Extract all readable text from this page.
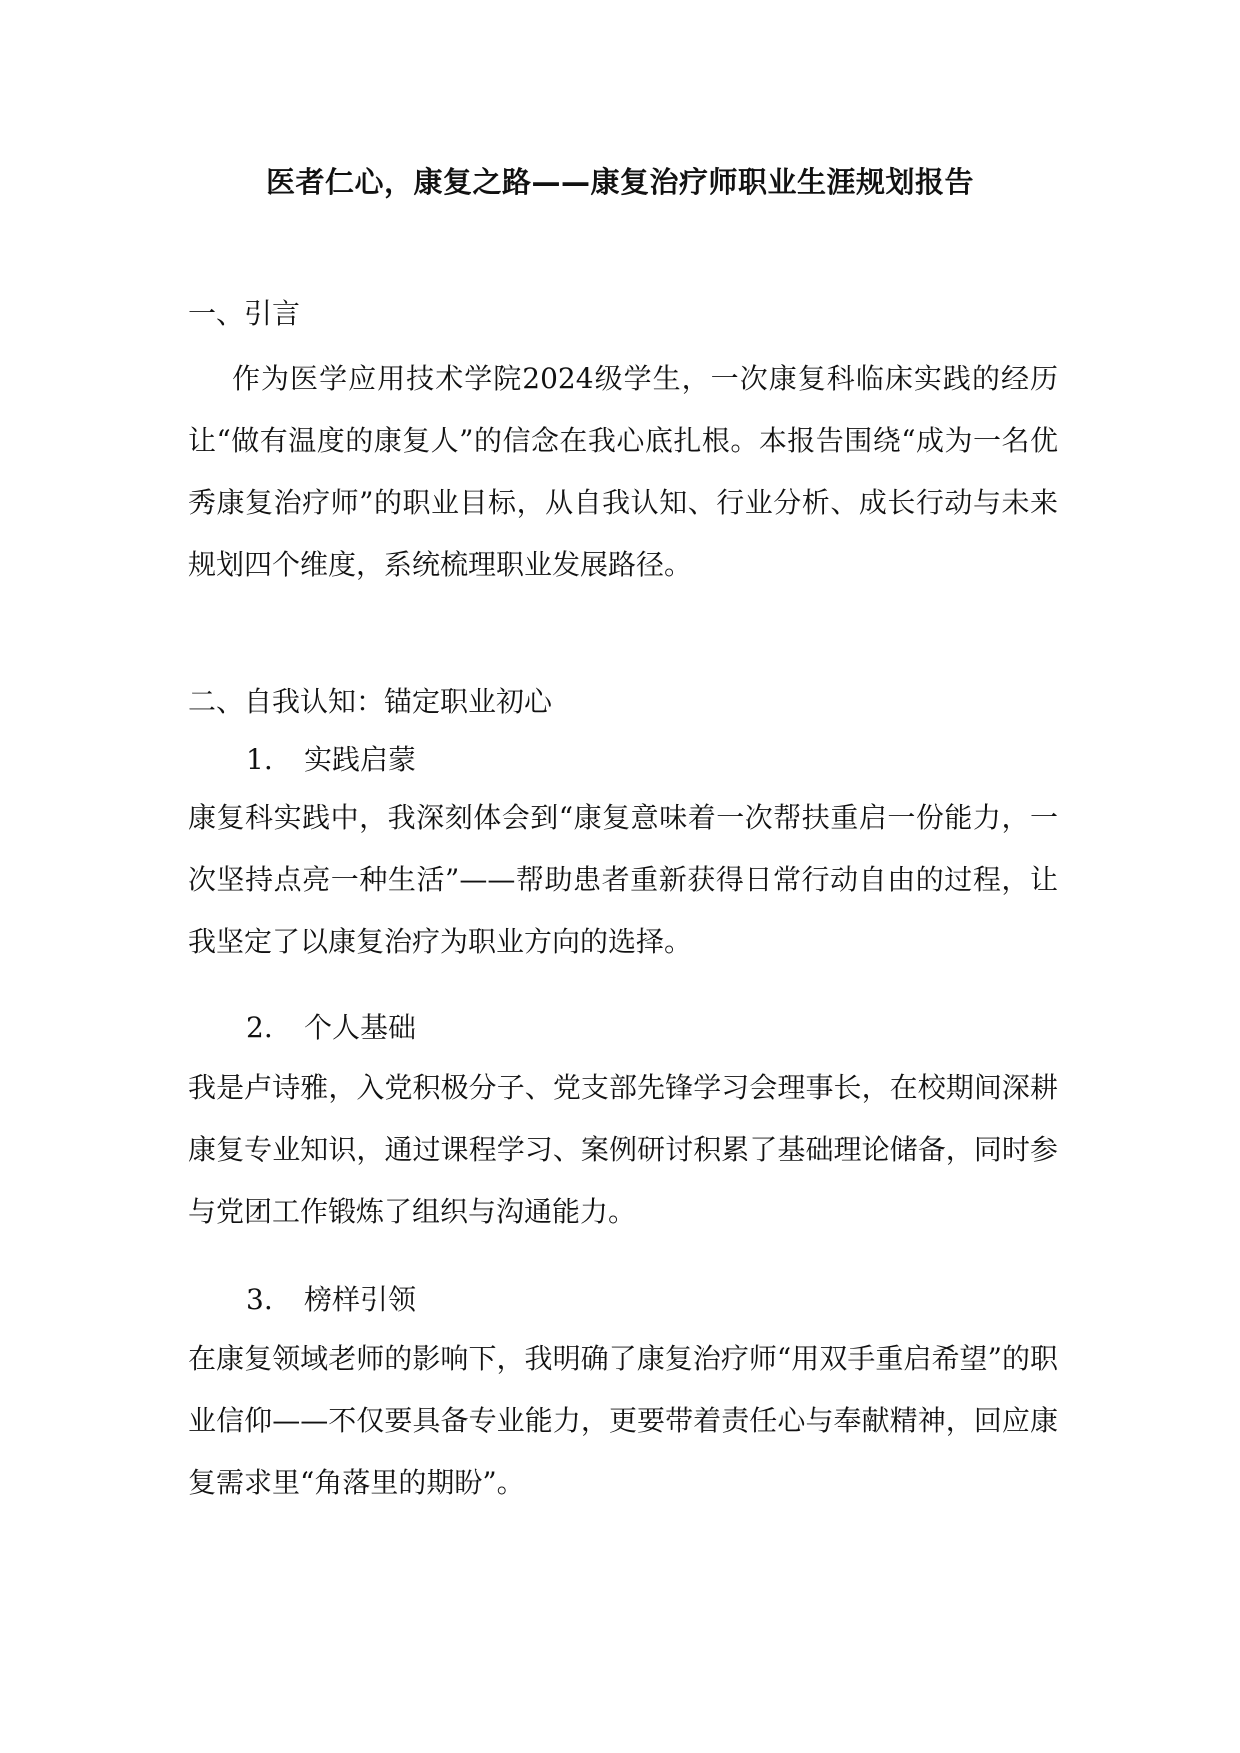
医者仁心，康复之路——康复治疗师职业生涯规划报告
一、引言
作为医学应用技术学院2024级学生，一次康复科临床实践的经历让“做有温度的康复人”的信念在我心底扎根。本报告围绕“成为一名优秀康复治疗师”的职业目标，从自我认知、行业分析、成长行动与未来规划四个维度，系统梳理职业发展路径。
二、自我认知：锚定职业初心
1. 实践启蒙
康复科实践中，我深刻体会到“康复意味着一次帮扶重启一份能力，一次坚持点亮一种生活”——帮助患者重新获得日常行动自由的过程，让我坚定了以康复治疗为职业方向的选择。
2. 个人基础
我是卢诗雅，入党积极分子、党支部先锋学习会理事长，在校期间深耕康复专业知识，通过课程学习、案例研讨积累了基础理论储备，同时参与党团工作锻炼了组织与沟通能力。
3. 榜样引领
在康复领域老师的影响下，我明确了康复治疗师“用双手重启希望”的职业信仰——不仅要具备专业能力，更要带着责任心与奉献精神，回应康复需求里“角落里的期盼”。
